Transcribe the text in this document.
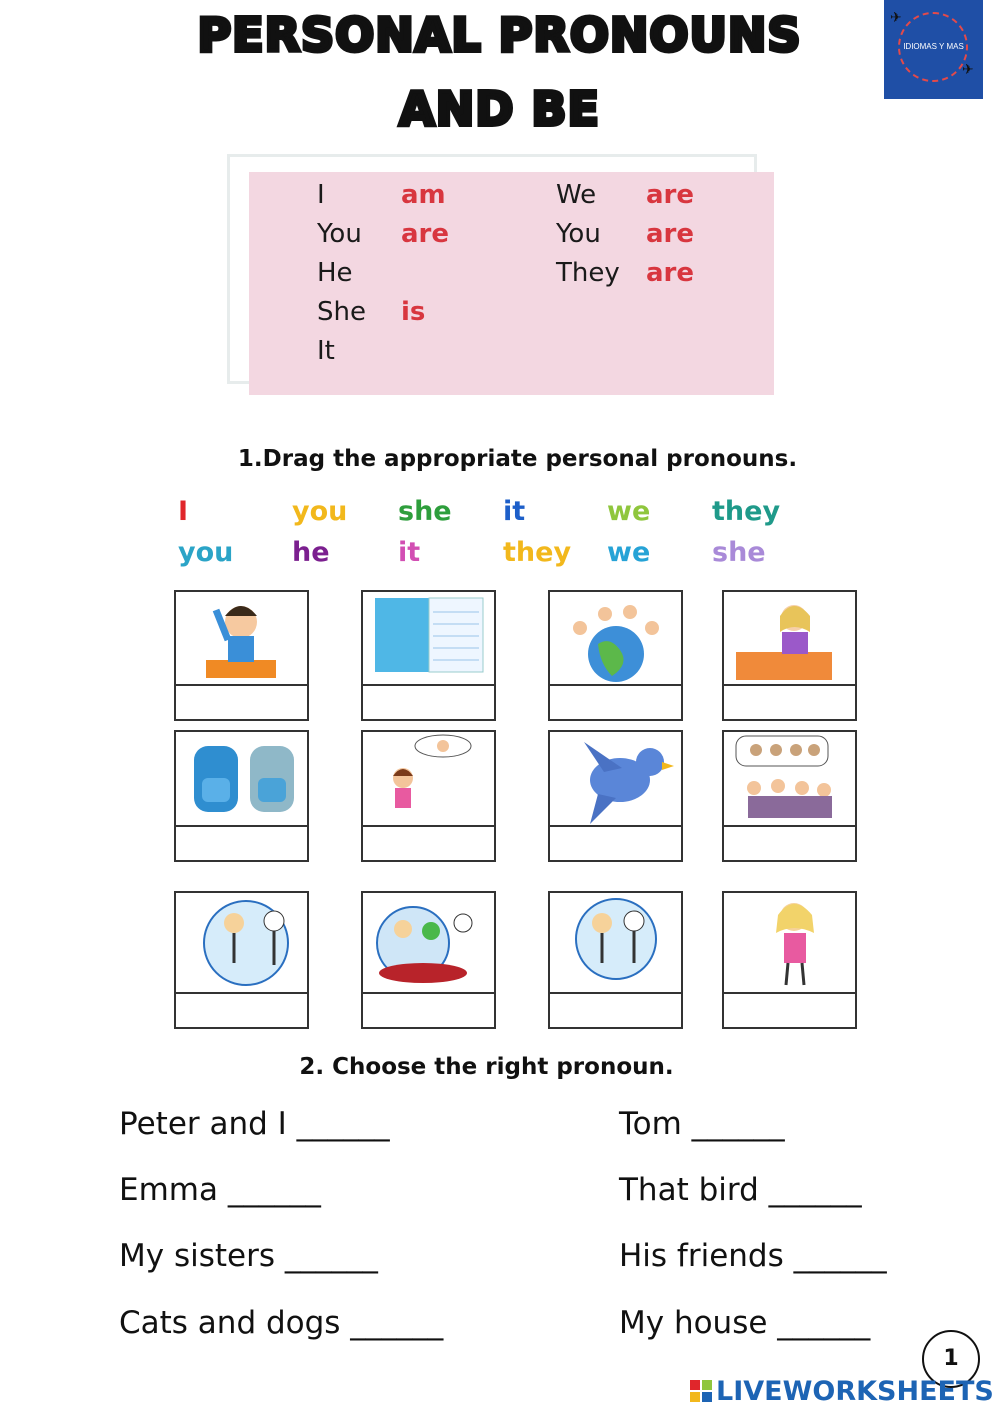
PERSONAL PRONOUNS
AND BE
IDIOMAS Y MAS
✈
✈
I	am
You are
He
She is
It
We are
You are
They are
1.Drag the appropriate personal pronouns.
I	you she it	we they
you he	it	they we she
2. Choose the right pronoun.
Peter and I ______
Emma ______
My sisters ______
Cats and dogs ______
Tom ______
That bird ______
His friends ______
My house ______
1
LIVEWORKSHEETS
